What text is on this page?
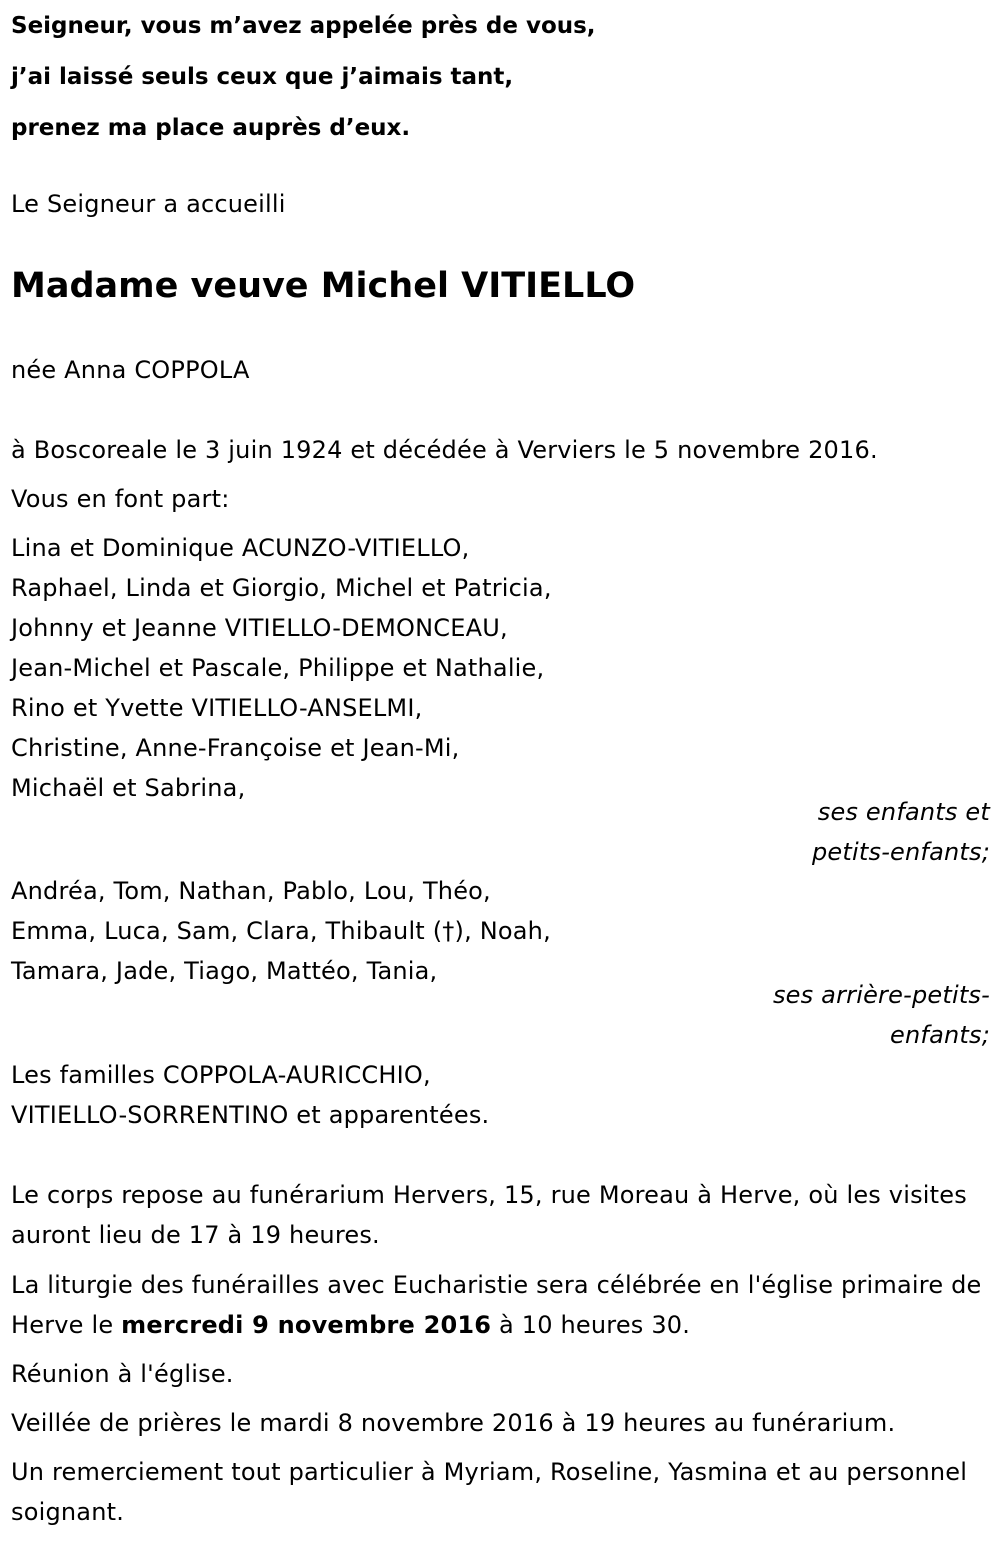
Seigneur, vous m’avez appelée près de vous,

j’ai laissé seuls ceux que j’aimais tant,

prenez ma place auprès d’eux.

Le Seigneur a accueilli

Madame veuve Michel VITIELLO

née Anna COPPOLA

à Boscoreale le 3 juin 1924 et décédée à Verviers le 5 novembre 2016.

Vous en font part:

Lina et Dominique ACUNZO-VITIELLO,
Raphael, Linda et Giorgio, Michel et Patricia,
Johnny et Jeanne VITIELLO-DEMONCEAU,
Jean-Michel et Pascale, Philippe et Nathalie,
Rino et Yvette VITIELLO-ANSELMI,
Christine, Anne-Françoise et Jean-Mi,
Michaël et Sabrina,
ses enfants et
petits-enfants;
Andréa, Tom, Nathan, Pablo, Lou, Théo,
Emma, Luca, Sam, Clara, Thibault (†), Noah,
Tamara, Jade, Tiago, Mattéo, Tania,
ses arrière-petits-
enfants;
Les familles COPPOLA-AURICCHIO,
VITIELLO-SORRENTINO et apparentées.

Le corps repose au funérarium Hervers, 15, rue Moreau à Herve, où les visites auront lieu de 17 à 19 heures.

La liturgie des funérailles avec Eucharistie sera célébrée en l'église primaire de Herve le mercredi 9 novembre 2016 à 10 heures 30.

Réunion à l'église.

Veillée de prières le mardi 8 novembre 2016 à 19 heures au funérarium.

Un remerciement tout particulier à Myriam, Roseline, Yasmina et au personnel soignant.
